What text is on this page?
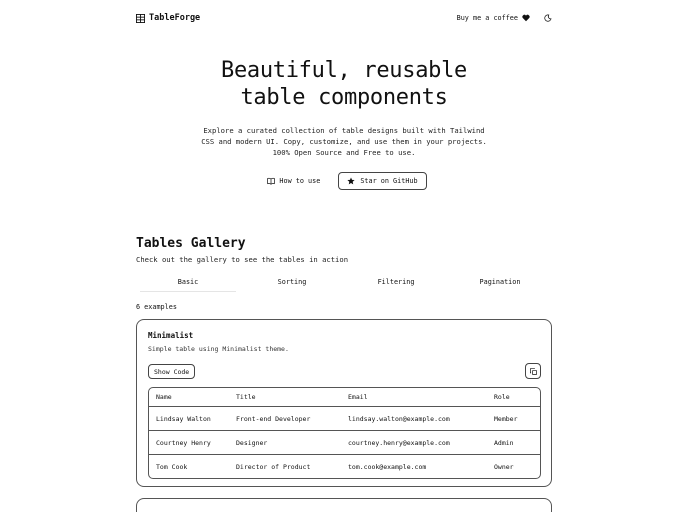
TableForge	Buy me a coffee
Beautiful, reusable
table components
Explore a curated collection of table designs built with Tailwind
CSS and modern UI. Copy, customize, and use them in your projects.
100% Open Source and Free to use.
How to use	Star on GitHub
Tables Gallery
Check out the gallery to see the tables in action
Basic	Sorting	Filtering	Pagination
6 examples
Minimalist
Simple table using Minimalist theme.
Show Code
Name	Title	Email	Role
Lindsay Walton	Front-end Developer	lindsay.walton@example.com	Member
Courtney Henry	Designer	courtney.henry@example.com	Admin
Tom Cook	Director of Product	tom.cook@example.com	Owner
